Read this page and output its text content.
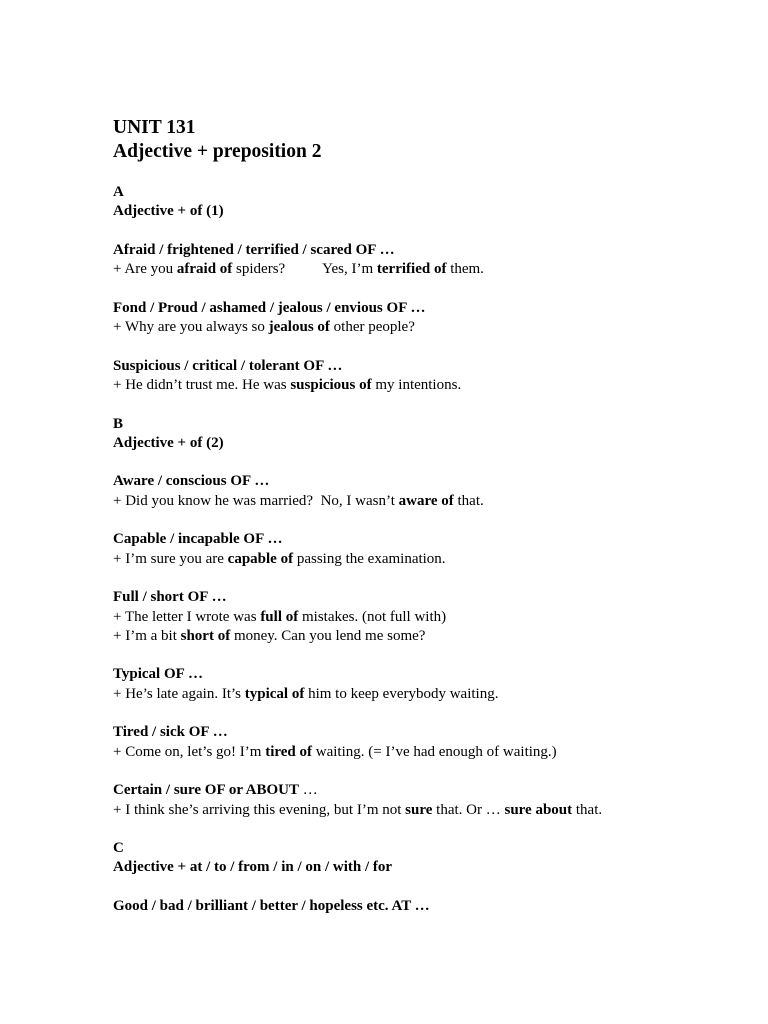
UNIT 131
Adjective + preposition 2
A
Adjective + of (1)
Afraid / frightened / terrified / scared OF …
+ Are you afraid of spiders?          Yes, I’m terrified of them.
Fond / Proud / ashamed / jealous / envious OF …
+ Why are you always so jealous of other people?
Suspicious / critical / tolerant OF …
+ He didn’t trust me. He was suspicious of my intentions.
B
Adjective + of (2)
Aware / conscious OF …
+ Did you know he was married?  No, I wasn’t aware of that.
Capable / incapable OF …
+ I’m sure you are capable of passing the examination.
Full / short OF …
+ The letter I wrote was full of mistakes. (not full with)
+ I’m a bit short of money. Can you lend me some?
Typical OF …
+ He’s late again. It’s typical of him to keep everybody waiting.
Tired / sick OF …
+ Come on, let’s go! I’m tired of waiting. (= I’ve had enough of waiting.)
Certain / sure OF or ABOUT …
+ I think she’s arriving this evening, but I’m not sure that. Or … sure about that.
C
Adjective + at / to / from / in / on / with / for
Good / bad / brilliant / better / hopeless etc. AT …
